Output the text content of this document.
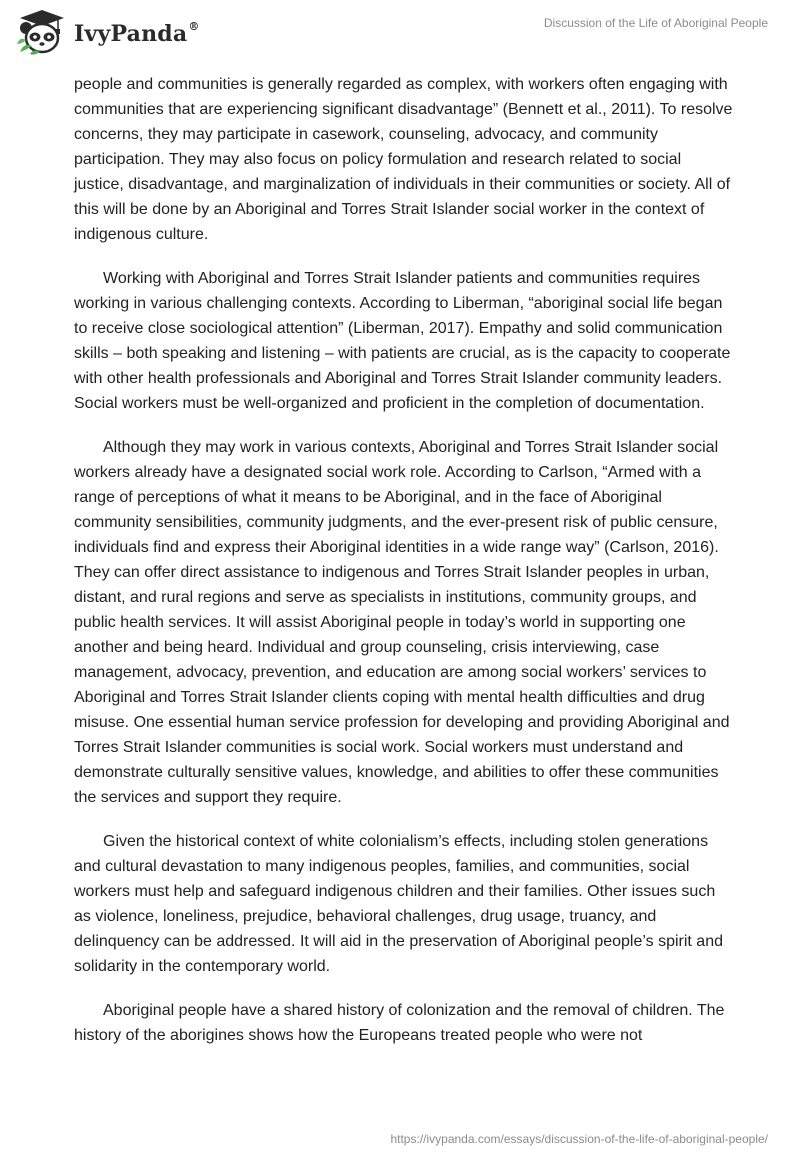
IvyPanda®	Discussion of the Life of Aboriginal People

people and communities is generally regarded as complex, with workers often engaging with communities that are experiencing significant disadvantage” (Bennett et al., 2011). To resolve concerns, they may participate in casework, counseling, advocacy, and community participation. They may also focus on policy formulation and research related to social justice, disadvantage, and marginalization of individuals in their communities or society. All of this will be done by an Aboriginal and Torres Strait Islander social worker in the context of indigenous culture.

Working with Aboriginal and Torres Strait Islander patients and communities requires working in various challenging contexts. According to Liberman, “aboriginal social life began to receive close sociological attention” (Liberman, 2017). Empathy and solid communication skills – both speaking and listening – with patients are crucial, as is the capacity to cooperate with other health professionals and Aboriginal and Torres Strait Islander community leaders. Social workers must be well-organized and proficient in the completion of documentation.

Although they may work in various contexts, Aboriginal and Torres Strait Islander social workers already have a designated social work role. According to Carlson, “Armed with a range of perceptions of what it means to be Aboriginal, and in the face of Aboriginal community sensibilities, community judgments, and the ever-present risk of public censure, individuals find and express their Aboriginal identities in a wide range way” (Carlson, 2016). They can offer direct assistance to indigenous and Torres Strait Islander peoples in urban, distant, and rural regions and serve as specialists in institutions, community groups, and public health services. It will assist Aboriginal people in today’s world in supporting one another and being heard. Individual and group counseling, crisis interviewing, case management, advocacy, prevention, and education are among social workers’ services to Aboriginal and Torres Strait Islander clients coping with mental health difficulties and drug misuse. One essential human service profession for developing and providing Aboriginal and Torres Strait Islander communities is social work. Social workers must understand and demonstrate culturally sensitive values, knowledge, and abilities to offer these communities the services and support they require.

Given the historical context of white colonialism’s effects, including stolen generations and cultural devastation to many indigenous peoples, families, and communities, social workers must help and safeguard indigenous children and their families. Other issues such as violence, loneliness, prejudice, behavioral challenges, drug usage, truancy, and delinquency can be addressed. It will aid in the preservation of Aboriginal people’s spirit and solidarity in the contemporary world.

Aboriginal people have a shared history of colonization and the removal of children. The history of the aborigines shows how the Europeans treated people who were not

https://ivypanda.com/essays/discussion-of-the-life-of-aboriginal-people/
